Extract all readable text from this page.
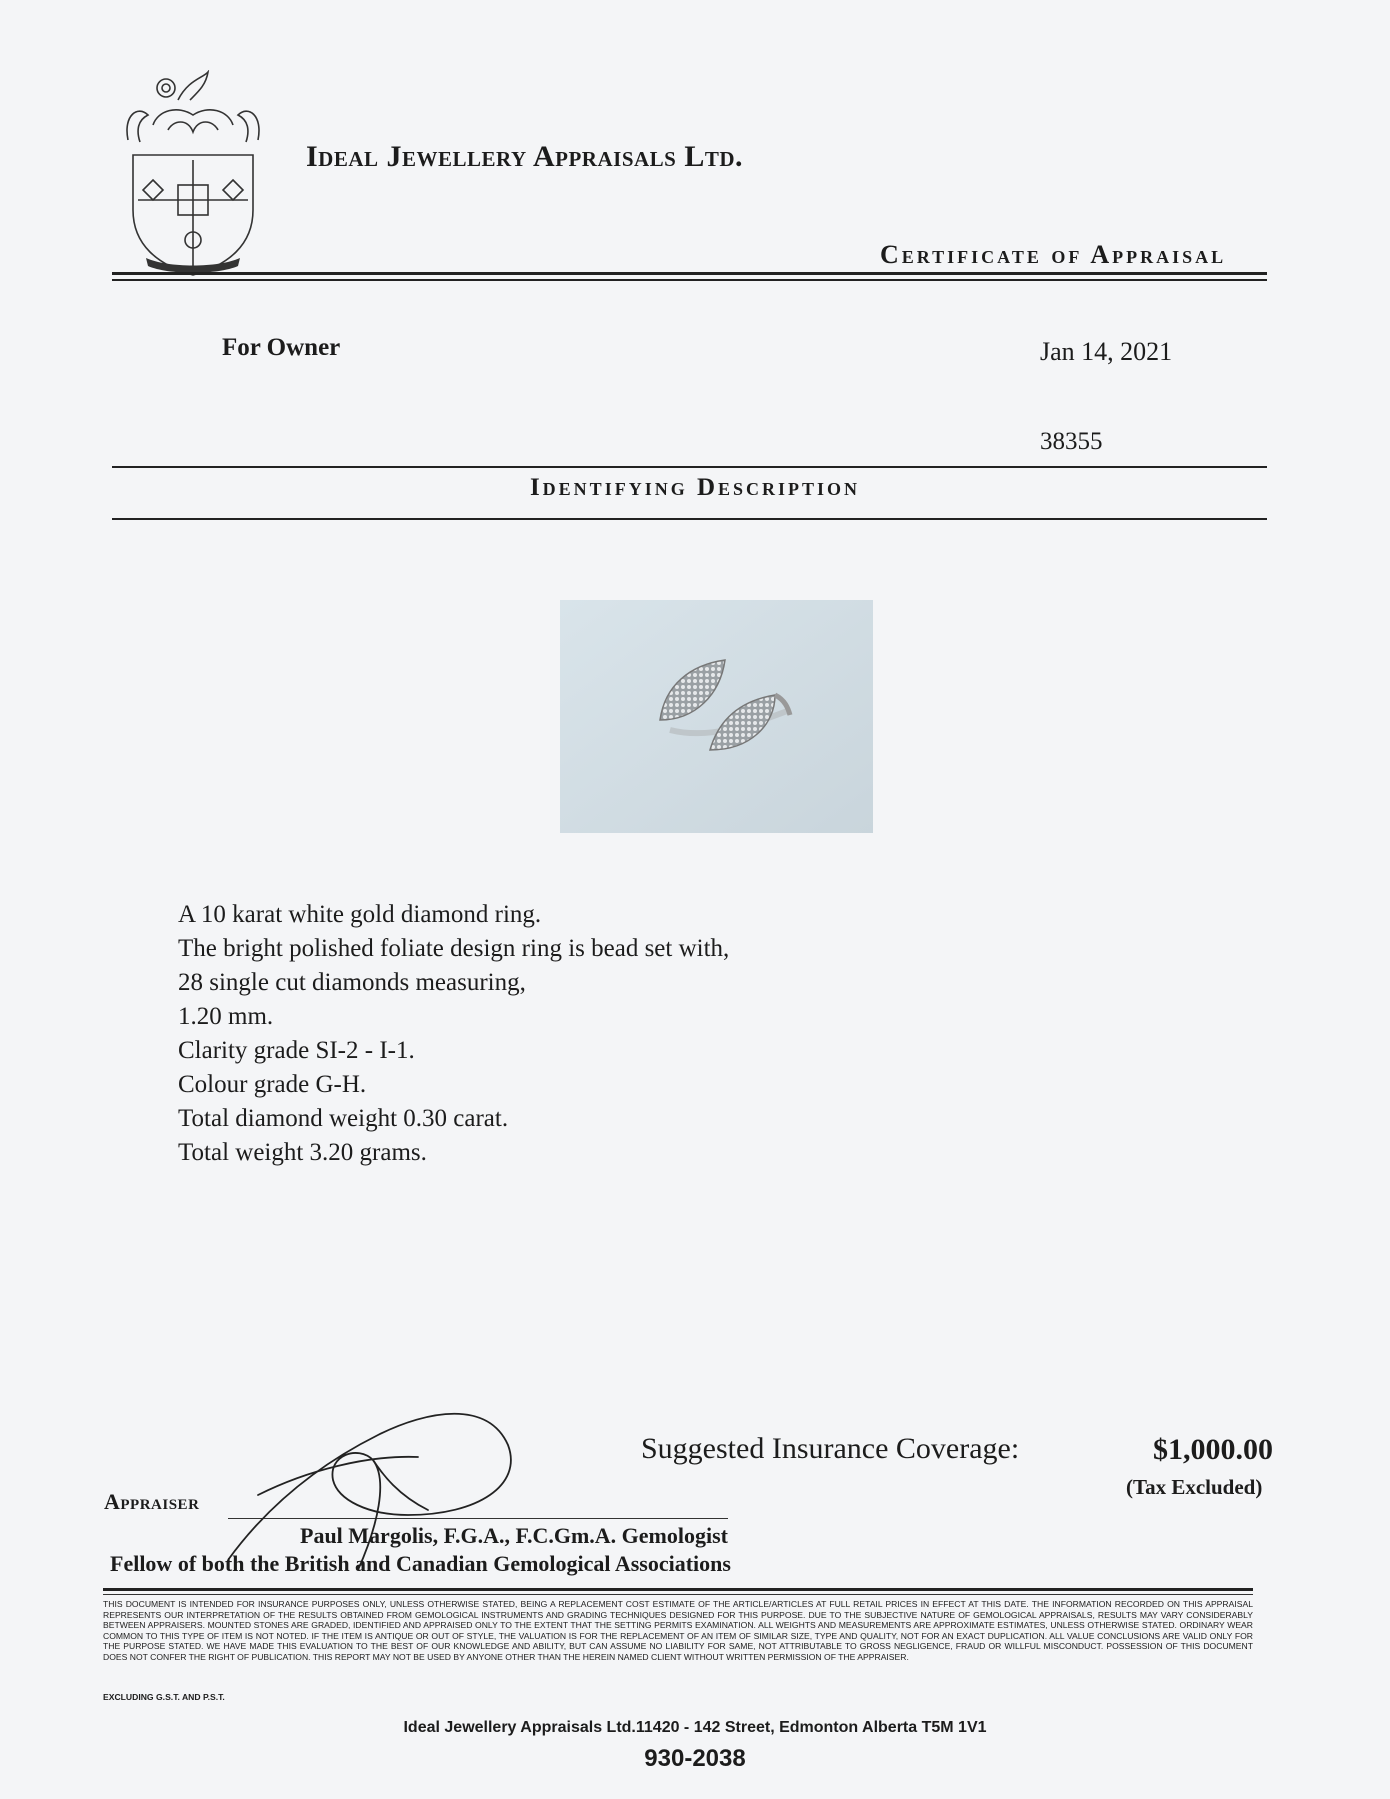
Ideal Jewellery Appraisals Ltd.
Certificate of Appraisal
For Owner	Jan 14, 2021
38355
Identifying Description
A 10 karat white gold diamond ring.
The bright polished foliate design ring is bead set with,
28 single cut diamonds measuring,
1.20 mm.
Clarity grade SI-2 - I-1.
Colour grade G-H.
Total diamond weight 0.30 carat.
Total weight 3.20 grams.
Suggested Insurance Coverage:	$1,000.00
(Tax Excluded)
Appraiser
Paul Margolis, F.G.A., F.C.Gm.A. Gemologist
Fellow of both the British and Canadian Gemological Associations
THIS DOCUMENT IS INTENDED FOR INSURANCE PURPOSES ONLY, UNLESS OTHERWISE STATED, BEING A REPLACEMENT COST ESTIMATE OF THE ARTICLE/ARTICLES AT FULL RETAIL PRICES IN EFFECT AT THIS DATE. THE INFORMATION RECORDED ON THIS APPRAISAL REPRESENTS OUR INTERPRETATION OF THE RESULTS OBTAINED FROM GEMOLOGICAL INSTRUMENTS AND GRADING TECHNIQUES DESIGNED FOR THIS PURPOSE. DUE TO THE SUBJECTIVE NATURE OF GEMOLOGICAL APPRAISALS, RESULTS MAY VARY CONSIDERABLY BETWEEN APPRAISERS. MOUNTED STONES ARE GRADED, IDENTIFIED AND APPRAISED ONLY TO THE EXTENT THAT THE SETTING PERMITS EXAMINATION. ALL WEIGHTS AND MEASUREMENTS ARE APPROXIMATE ESTIMATES, UNLESS OTHERWISE STATED. ORDINARY WEAR COMMON TO THIS TYPE OF ITEM IS NOT NOTED. IF THE ITEM IS ANTIQUE OR OUT OF STYLE, THE VALUATION IS FOR THE REPLACEMENT OF AN ITEM OF SIMILAR SIZE, TYPE AND QUALITY, NOT FOR AN EXACT DUPLICATION. ALL VALUE CONCLUSIONS ARE VALID ONLY FOR THE PURPOSE STATED. WE HAVE MADE THIS EVALUATION TO THE BEST OF OUR KNOWLEDGE AND ABILITY, BUT CAN ASSUME NO LIABILITY FOR SAME, NOT ATTRIBUTABLE TO GROSS NEGLIGENCE, FRAUD OR WILLFUL MISCONDUCT. POSSESSION OF THIS DOCUMENT DOES NOT CONFER THE RIGHT OF PUBLICATION. THIS REPORT MAY NOT BE USED BY ANYONE OTHER THAN THE HEREIN NAMED CLIENT WITHOUT WRITTEN PERMISSION OF THE APPRAISER.
EXCLUDING G.S.T. AND P.S.T.
Ideal Jewellery Appraisals Ltd.11420 - 142 Street, Edmonton Alberta T5M 1V1
930-2038
